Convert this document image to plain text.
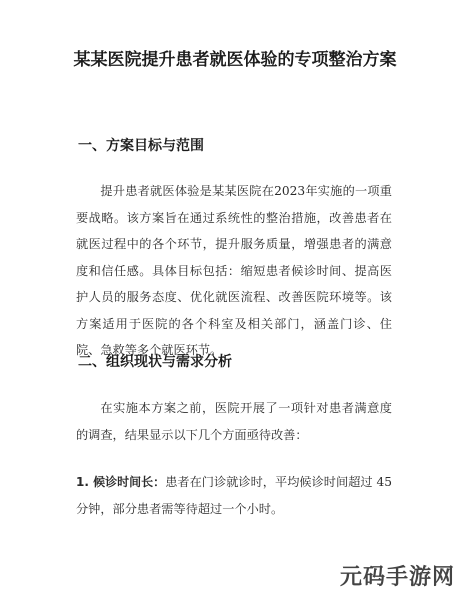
某某医院提升患者就医体验的专项整治方案
一、方案目标与范围

提升患者就医体验是某某医院在2023年实施的一项重要战略。该方案旨在通过系统性的整治措施，改善患者在就医过程中的各个环节，提升服务质量，增强患者的满意度和信任感。具体目标包括：缩短患者候诊时间、提高医护人员的服务态度、优化就医流程、改善医院环境等。该方案适用于医院的各个科室及相关部门，涵盖门诊、住院、急救等多个就医环节。

二、组织现状与需求分析

在实施本方案之前，医院开展了一项针对患者满意度的调查，结果显示以下几个方面亟待改善：

1. 候诊时间长：患者在门诊就诊时，平均候诊时间超过 45 分钟，部分患者需等待超过一个小时。

元码手游网
